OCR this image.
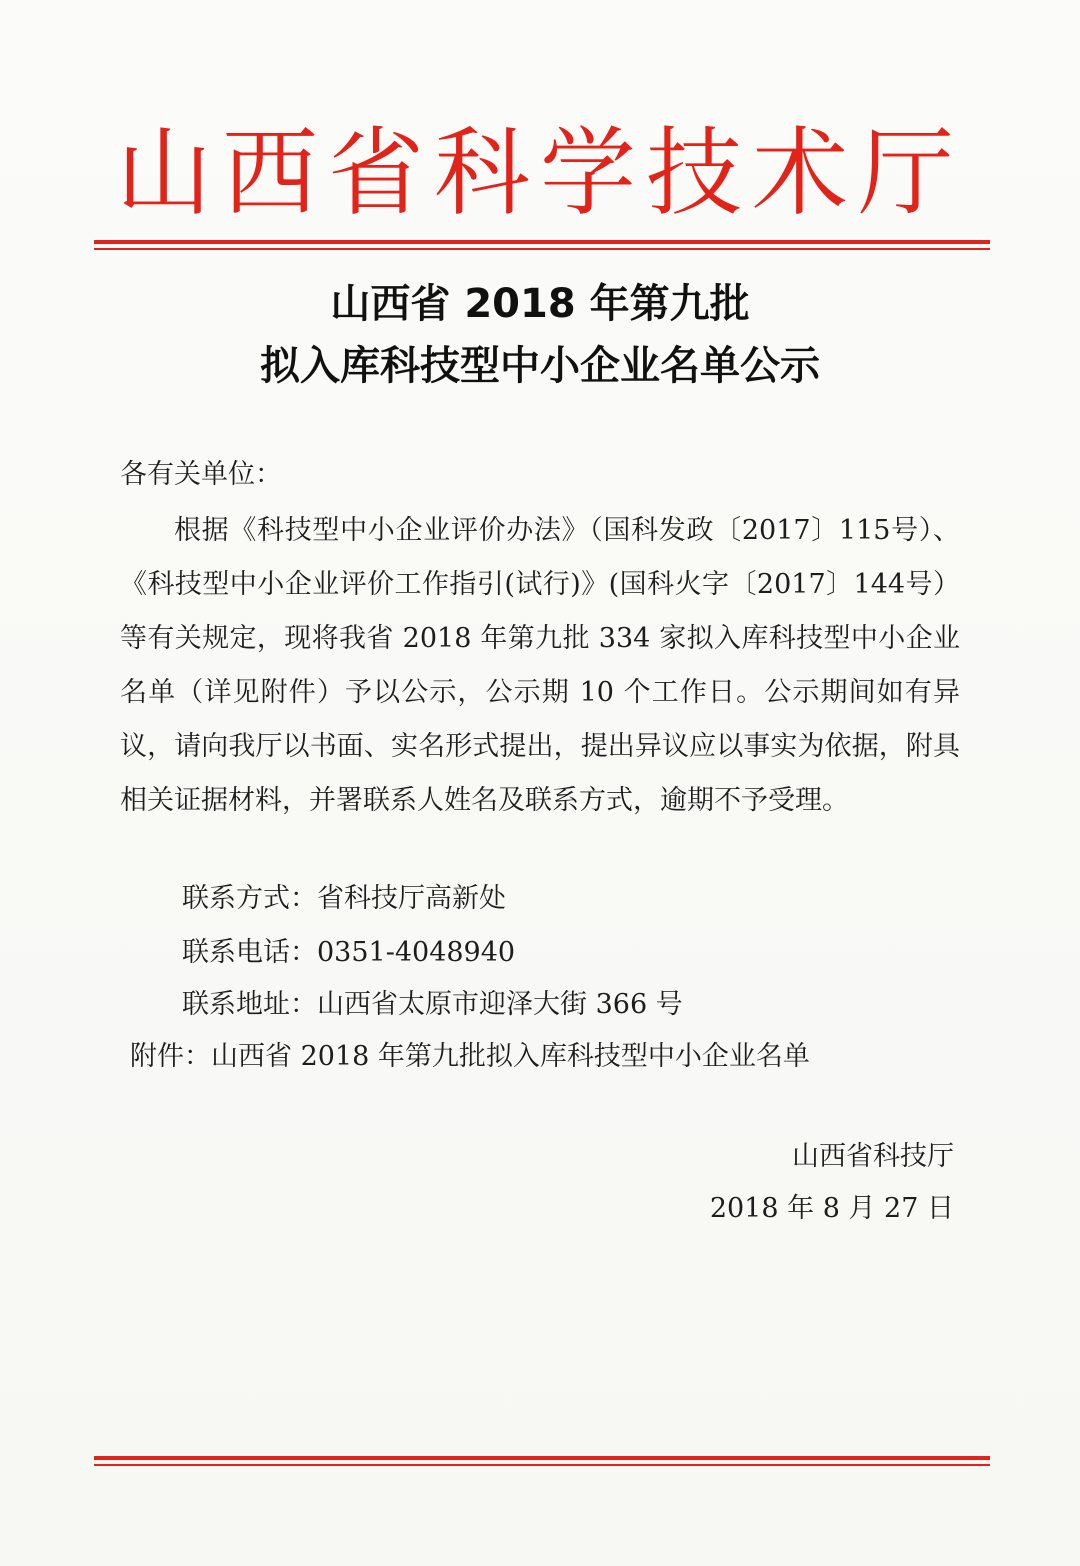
山西省科学技术厅
山西省 2018 年第九批
拟入库科技型中小企业名单公示
各有关单位：
根据《科技型中小企业评价办法》（国科发政〔2017〕115号）、《科技型中小企业评价工作指引(试行)》(国科火字〔2017〕144号）等有关规定，现将我省 2018 年第九批 334 家拟入库科技型中小企业名单（详见附件）予以公示，公示期 10 个工作日。公示期间如有异议，请向我厅以书面、实名形式提出，提出异议应以事实为依据，附具相关证据材料，并署联系人姓名及联系方式，逾期不予受理。
联系方式：省科技厅高新处
联系电话：0351-4048940
联系地址：山西省太原市迎泽大街 366 号
附件：山西省 2018 年第九批拟入库科技型中小企业名单
山西省科技厅
2018 年 8 月 27 日
